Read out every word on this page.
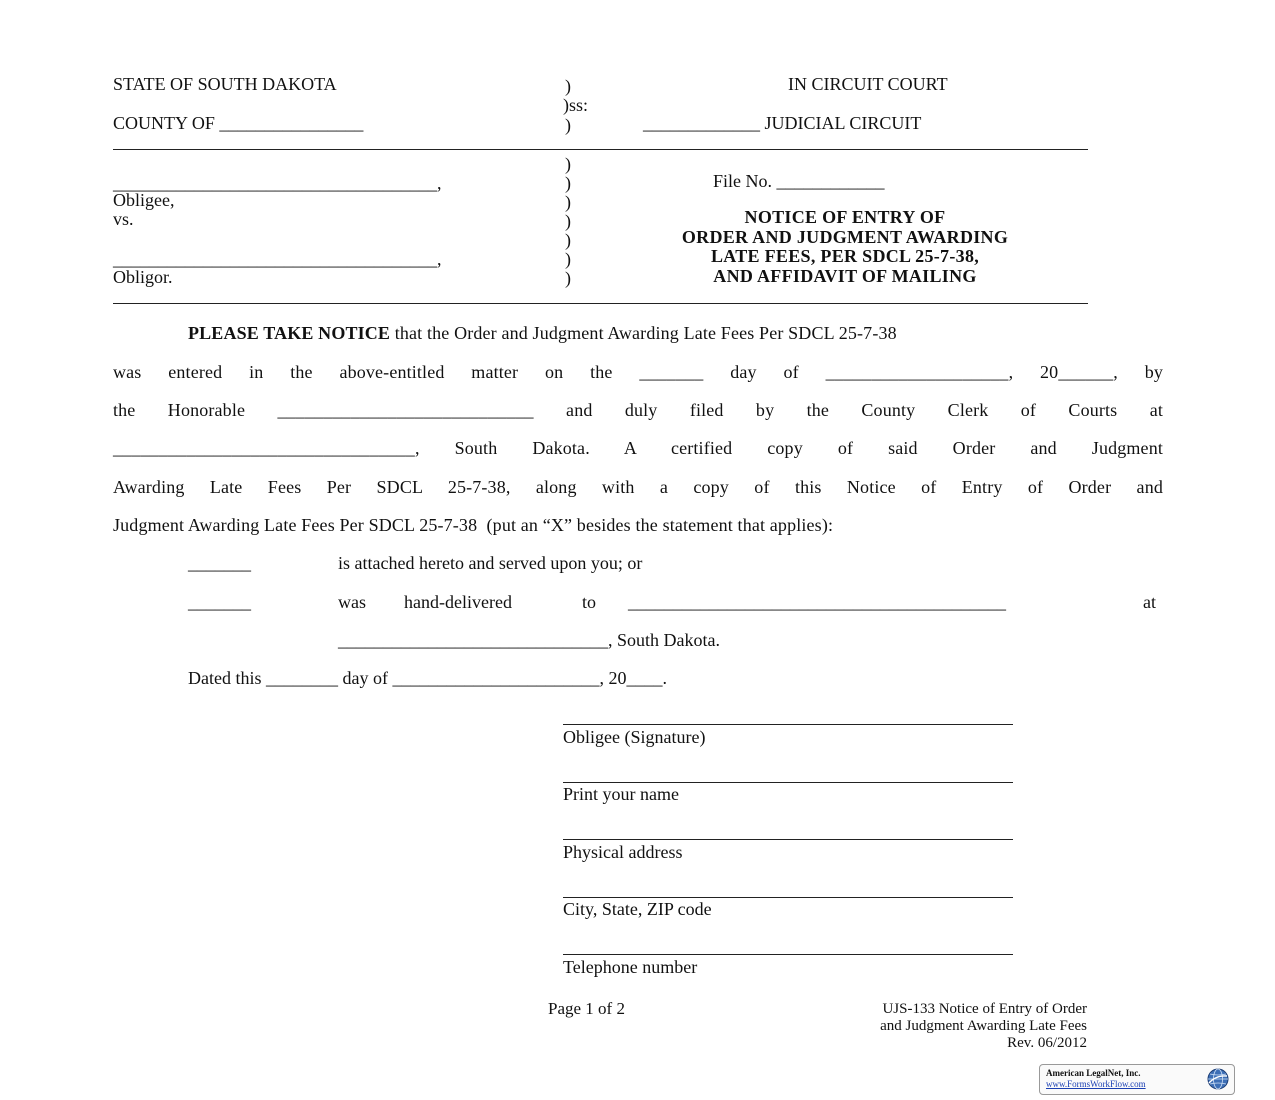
STATE OF SOUTH DAKOTA	)	IN CIRCUIT COURT
)ss:
COUNTY OF ________________	)	_____________ JUDICIAL CIRCUIT
)
____________________________________,	)	File No. ____________
Obligee,	)
vs.	)
)
____________________________________,	)
Obligor.	)
NOTICE OF ENTRY OF
ORDER AND JUDGMENT AWARDING
LATE FEES, PER SDCL 25-7-38,
AND AFFIDAVIT OF MAILING
PLEASE TAKE NOTICE that the Order and Judgment Awarding Late Fees Per SDCL 25-7-38
was entered in the above-entitled matter on the _______ day of ____________________, 20______, by
the Honorable ____________________________ and duly filed by the County Clerk of Courts at
_________________________________, South Dakota. A certified copy of said Order and Judgment
Awarding Late Fees Per SDCL 25-7-38, along with a copy of this Notice of Entry of Order and
Judgment Awarding Late Fees Per SDCL 25-7-38  (put an “X” besides the statement that applies):
_______	is attached hereto and served upon you; or
_______	was hand-delivered	to __________________________________________	at
______________________________, South Dakota.
Dated this ________ day of _______________________, 20____.
Obligee (Signature)
Print your name
Physical address
City, State, ZIP code
Telephone number
Page 1 of 2	UJS-133 Notice of Entry of Order
and Judgment Awarding Late Fees
Rev. 06/2012
American LegalNet, Inc.
www.FormsWorkFlow.com
